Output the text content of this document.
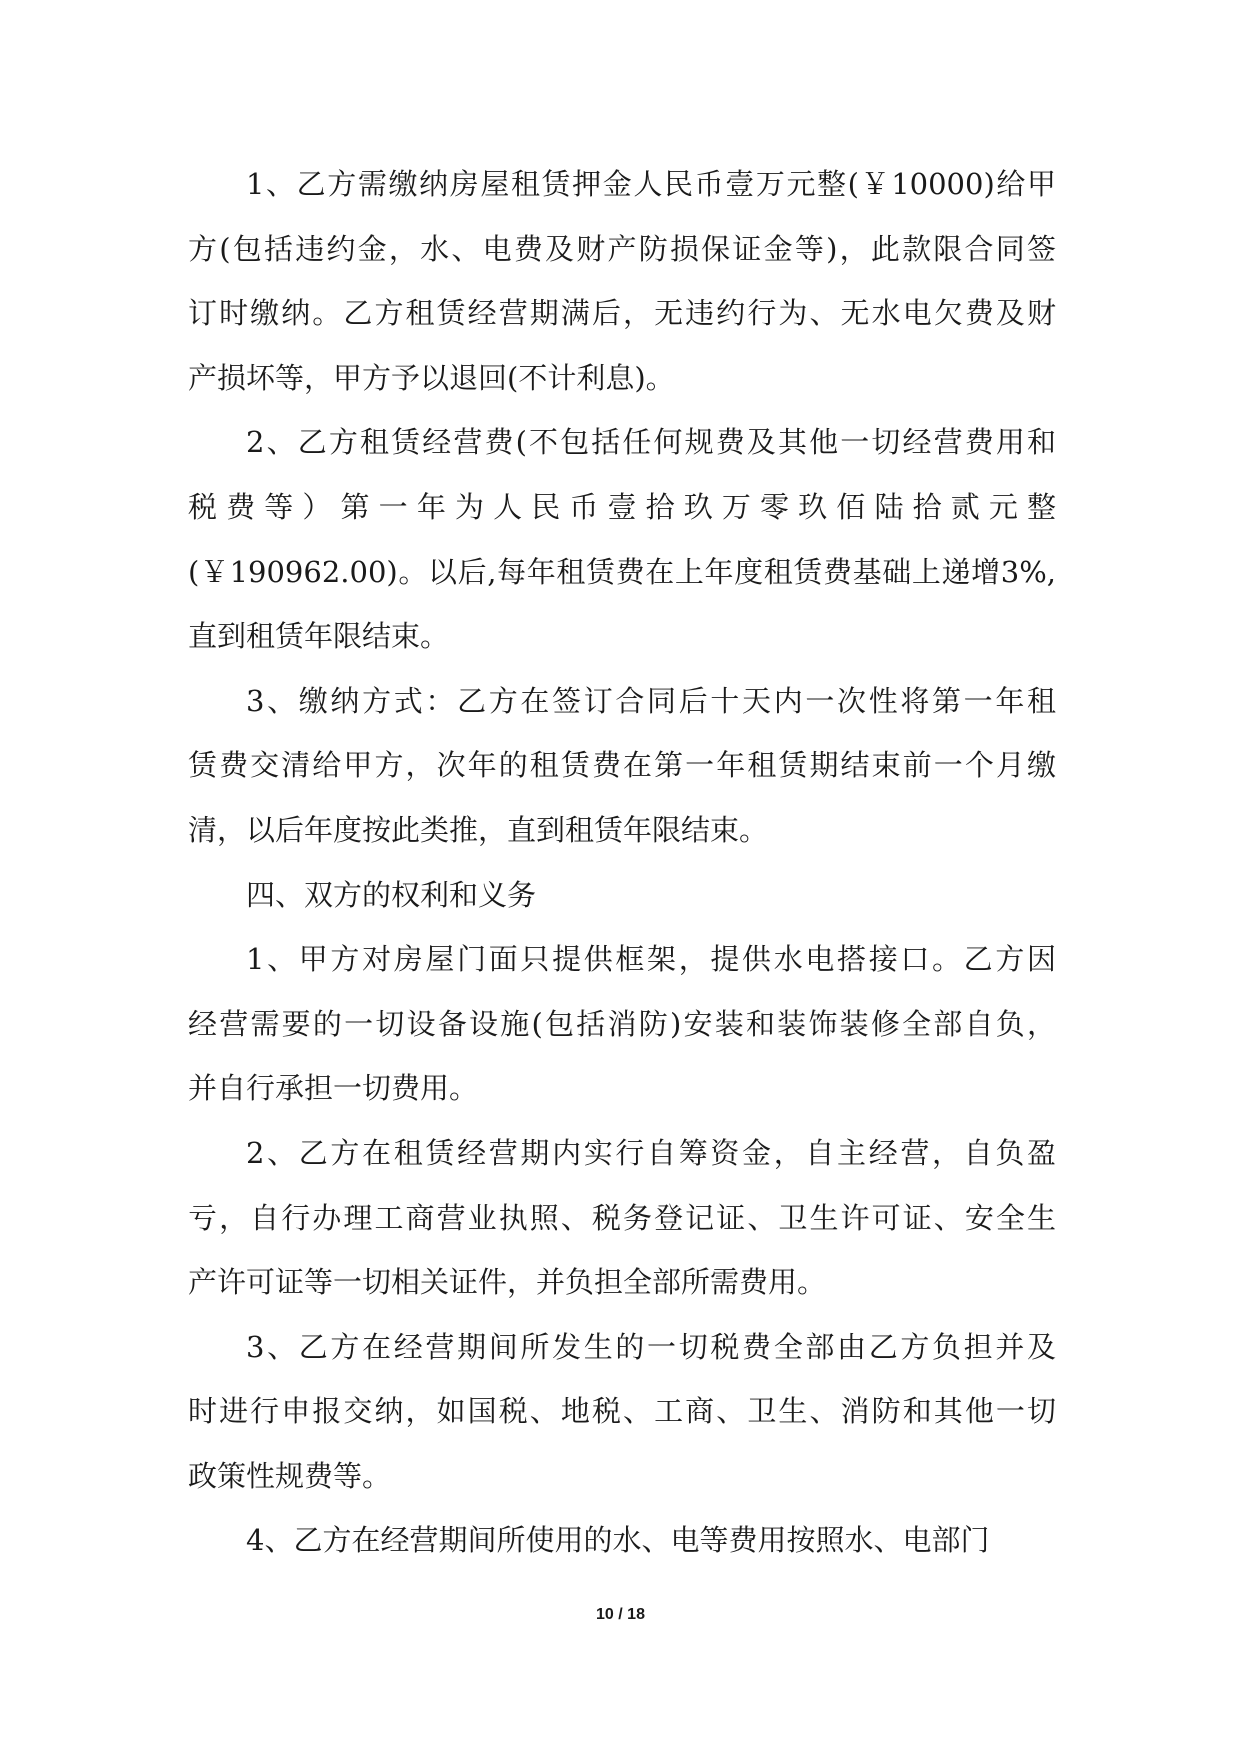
1、乙方需缴纳房屋租赁押金人民币壹万元整(￥10000)给甲
方(包括违约金，水、电费及财产防损保证金等)，此款限合同签
订时缴纳。乙方租赁经营期满后，无违约行为、无水电欠费及财
产损坏等，甲方予以退回(不计利息)。
2、乙方租赁经营费(不包括任何规费及其他一切经营费用和
税费等）第一年为人民币壹拾玖万零玖佰陆拾贰元整
(￥190962.00)。以后,每年租赁费在上年度租赁费基础上递增3%,
直到租赁年限结束。
3、缴纳方式：乙方在签订合同后十天内一次性将第一年租
赁费交清给甲方，次年的租赁费在第一年租赁期结束前一个月缴
清，以后年度按此类推，直到租赁年限结束。
四、双方的权利和义务
1、甲方对房屋门面只提供框架，提供水电搭接口。乙方因
经营需要的一切设备设施(包括消防)安装和装饰装修全部自负，
并自行承担一切费用。
2、乙方在租赁经营期内实行自筹资金，自主经营，自负盈
亏，自行办理工商营业执照、税务登记证、卫生许可证、安全生
产许可证等一切相关证件，并负担全部所需费用。
3、乙方在经营期间所发生的一切税费全部由乙方负担并及
时进行申报交纳，如国税、地税、工商、卫生、消防和其他一切
政策性规费等。
4、乙方在经营期间所使用的水、电等费用按照水、电部门
10 / 18
